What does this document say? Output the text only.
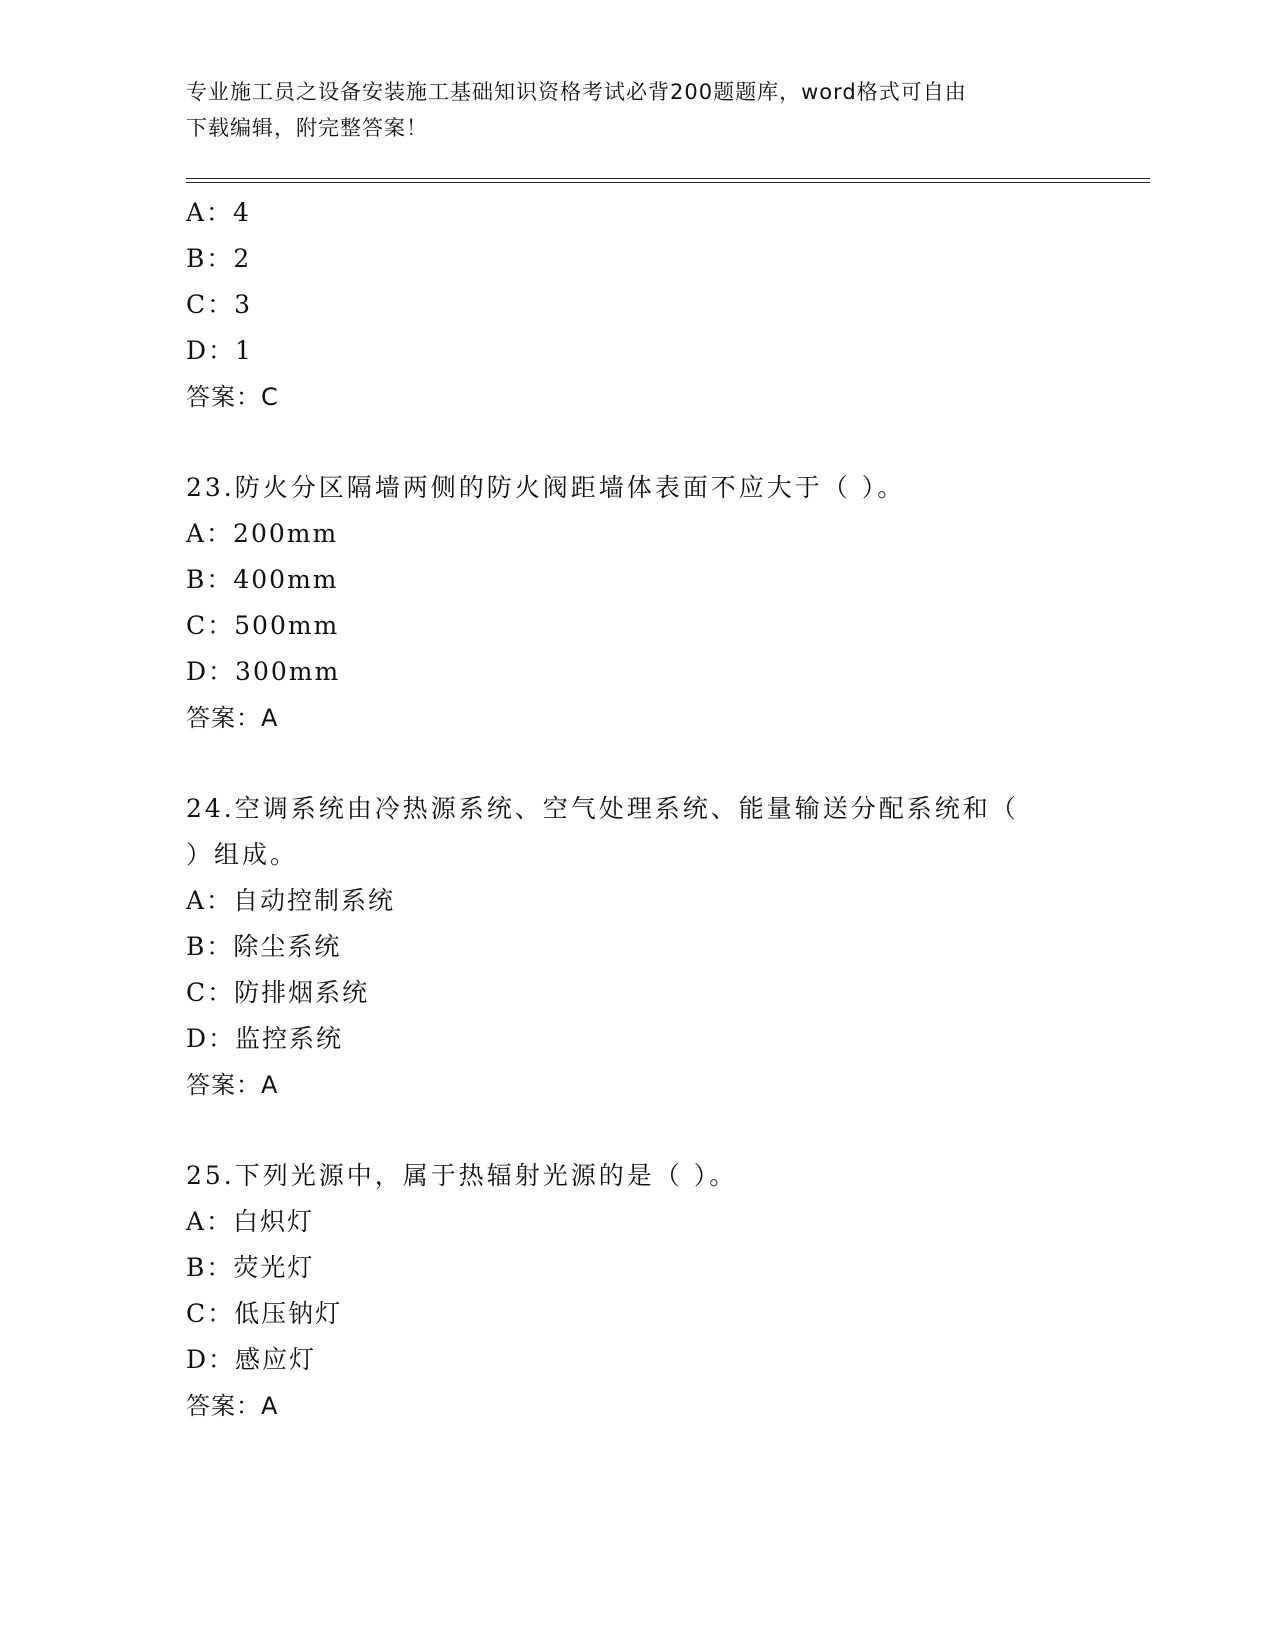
专业施工员之设备安装施工基础知识资格考试必背200题题库，word格式可自由
下载编辑，附完整答案！
A：4
B：2
C：3
D：1
答案：C
23.防火分区隔墙两侧的防火阀距墙体表面不应大于（ ）。
A：200mm
B：400mm
C：500mm
D：300mm
答案：A
24.空调系统由冷热源系统、空气处理系统、能量输送分配系统和（
）组成。
A：自动控制系统
B：除尘系统
C：防排烟系统
D：监控系统
答案：A
25.下列光源中，属于热辐射光源的是（ ）。
A：白炽灯
B：荧光灯
C：低压钠灯
D：感应灯
答案：A
